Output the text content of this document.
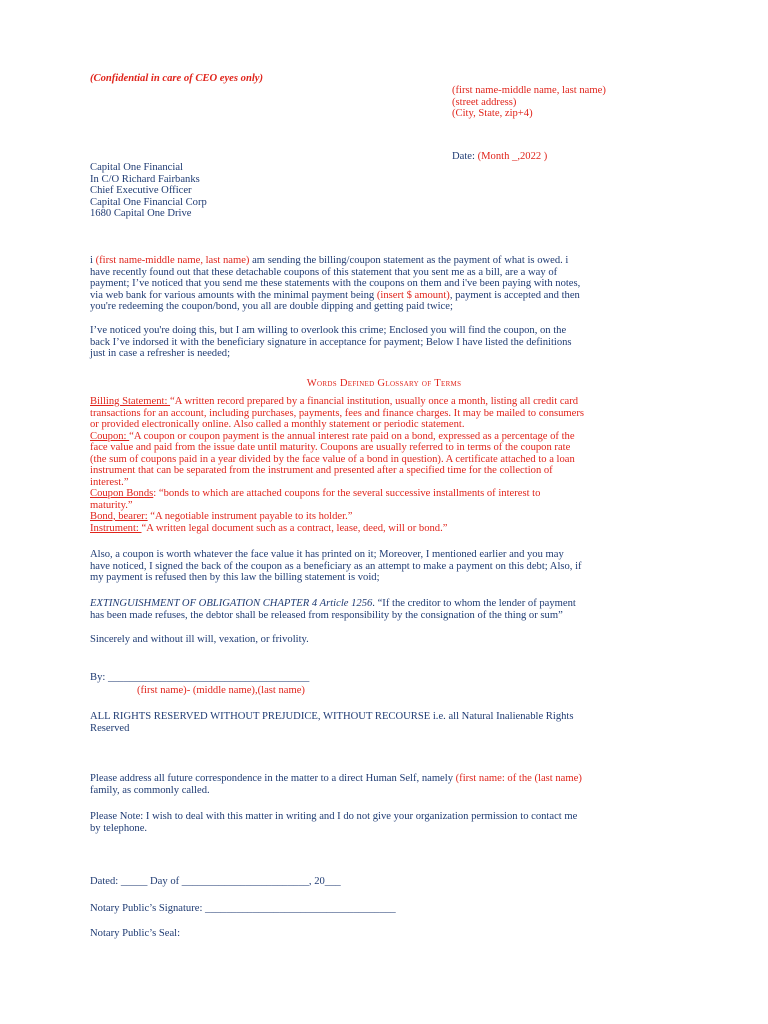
(Confidential in care of CEO eyes only)
(first name-middle name, last name)
(street address)
(City, State, zip+4)
Date: (Month _,2022 )
Capital One Financial
In C/O Richard Fairbanks
Chief Executive Officer
Capital One Financial Corp
1680 Capital One Drive
i (first name-middle name, last name) am sending the billing/coupon statement as the payment of what is owed. i
have recently found out that these detachable coupons of this statement that you sent me as a bill, are a way of
payment; I’ve noticed that you send me these statements with the coupons on them and i've been paying with notes,
via web bank for various amounts with the minimal payment being (insert $ amount), payment is accepted and then
you're redeeming the coupon/bond, you all are double dipping and getting paid twice;
I’ve noticed you're doing this, but I am willing to overlook this crime; Enclosed you will find the coupon, on the
back I’ve indorsed it with the beneficiary signature in acceptance for payment; Below I have listed the definitions
just in case a refresher is needed;
Words Defined Glossary of Terms
Billing Statement: “A written record prepared by a financial institution, usually once a month, listing all credit card
transactions for an account, including purchases, payments, fees and finance charges. It may be mailed to consumers
or provided electronically online. Also called a monthly statement or periodic statement.
Coupon: “A coupon or coupon payment is the annual interest rate paid on a bond, expressed as a percentage of the
face value and paid from the issue date until maturity. Coupons are usually referred to in terms of the coupon rate
(the sum of coupons paid in a year divided by the face value of a bond in question). A certificate attached to a loan
instrument that can be separated from the instrument and presented after a specified time for the collection of
interest.”
Coupon Bonds: “bonds to which are attached coupons for the several successive installments of interest to
maturity.”
Bond, bearer: “A negotiable instrument payable to its holder.”
Instrument: “A written legal document such as a contract, lease, deed, will or bond.”
Also, a coupon is worth whatever the face value it has printed on it; Moreover, I mentioned earlier and you may
have noticed, I signed the back of the coupon as a beneficiary as an attempt to make a payment on this debt; Also, if
my payment is refused then by this law the billing statement is void;
EXTINGUISHMENT OF OBLIGATION CHAPTER 4 Article 1256. “If the creditor to whom the lender of payment
has been made refuses, the debtor shall be released from responsibility by the consignation of the thing or sum”
Sincerely and without ill will, vexation, or frivolity.
By: ______________________________________
(first name)- (middle name),(last name)
ALL RIGHTS RESERVED WITHOUT PREJUDICE, WITHOUT RECOURSE i.e. all Natural Inalienable Rights
Reserved
Please address all future correspondence in the matter to a direct Human Self, namely (first name: of the (last name)
family, as commonly called.
Please Note: I wish to deal with this matter in writing and I do not give your organization permission to contact me
by telephone.
Dated: _____ Day of ________________________, 20___
Notary Public’s Signature: ____________________________________
Notary Public’s Seal:
